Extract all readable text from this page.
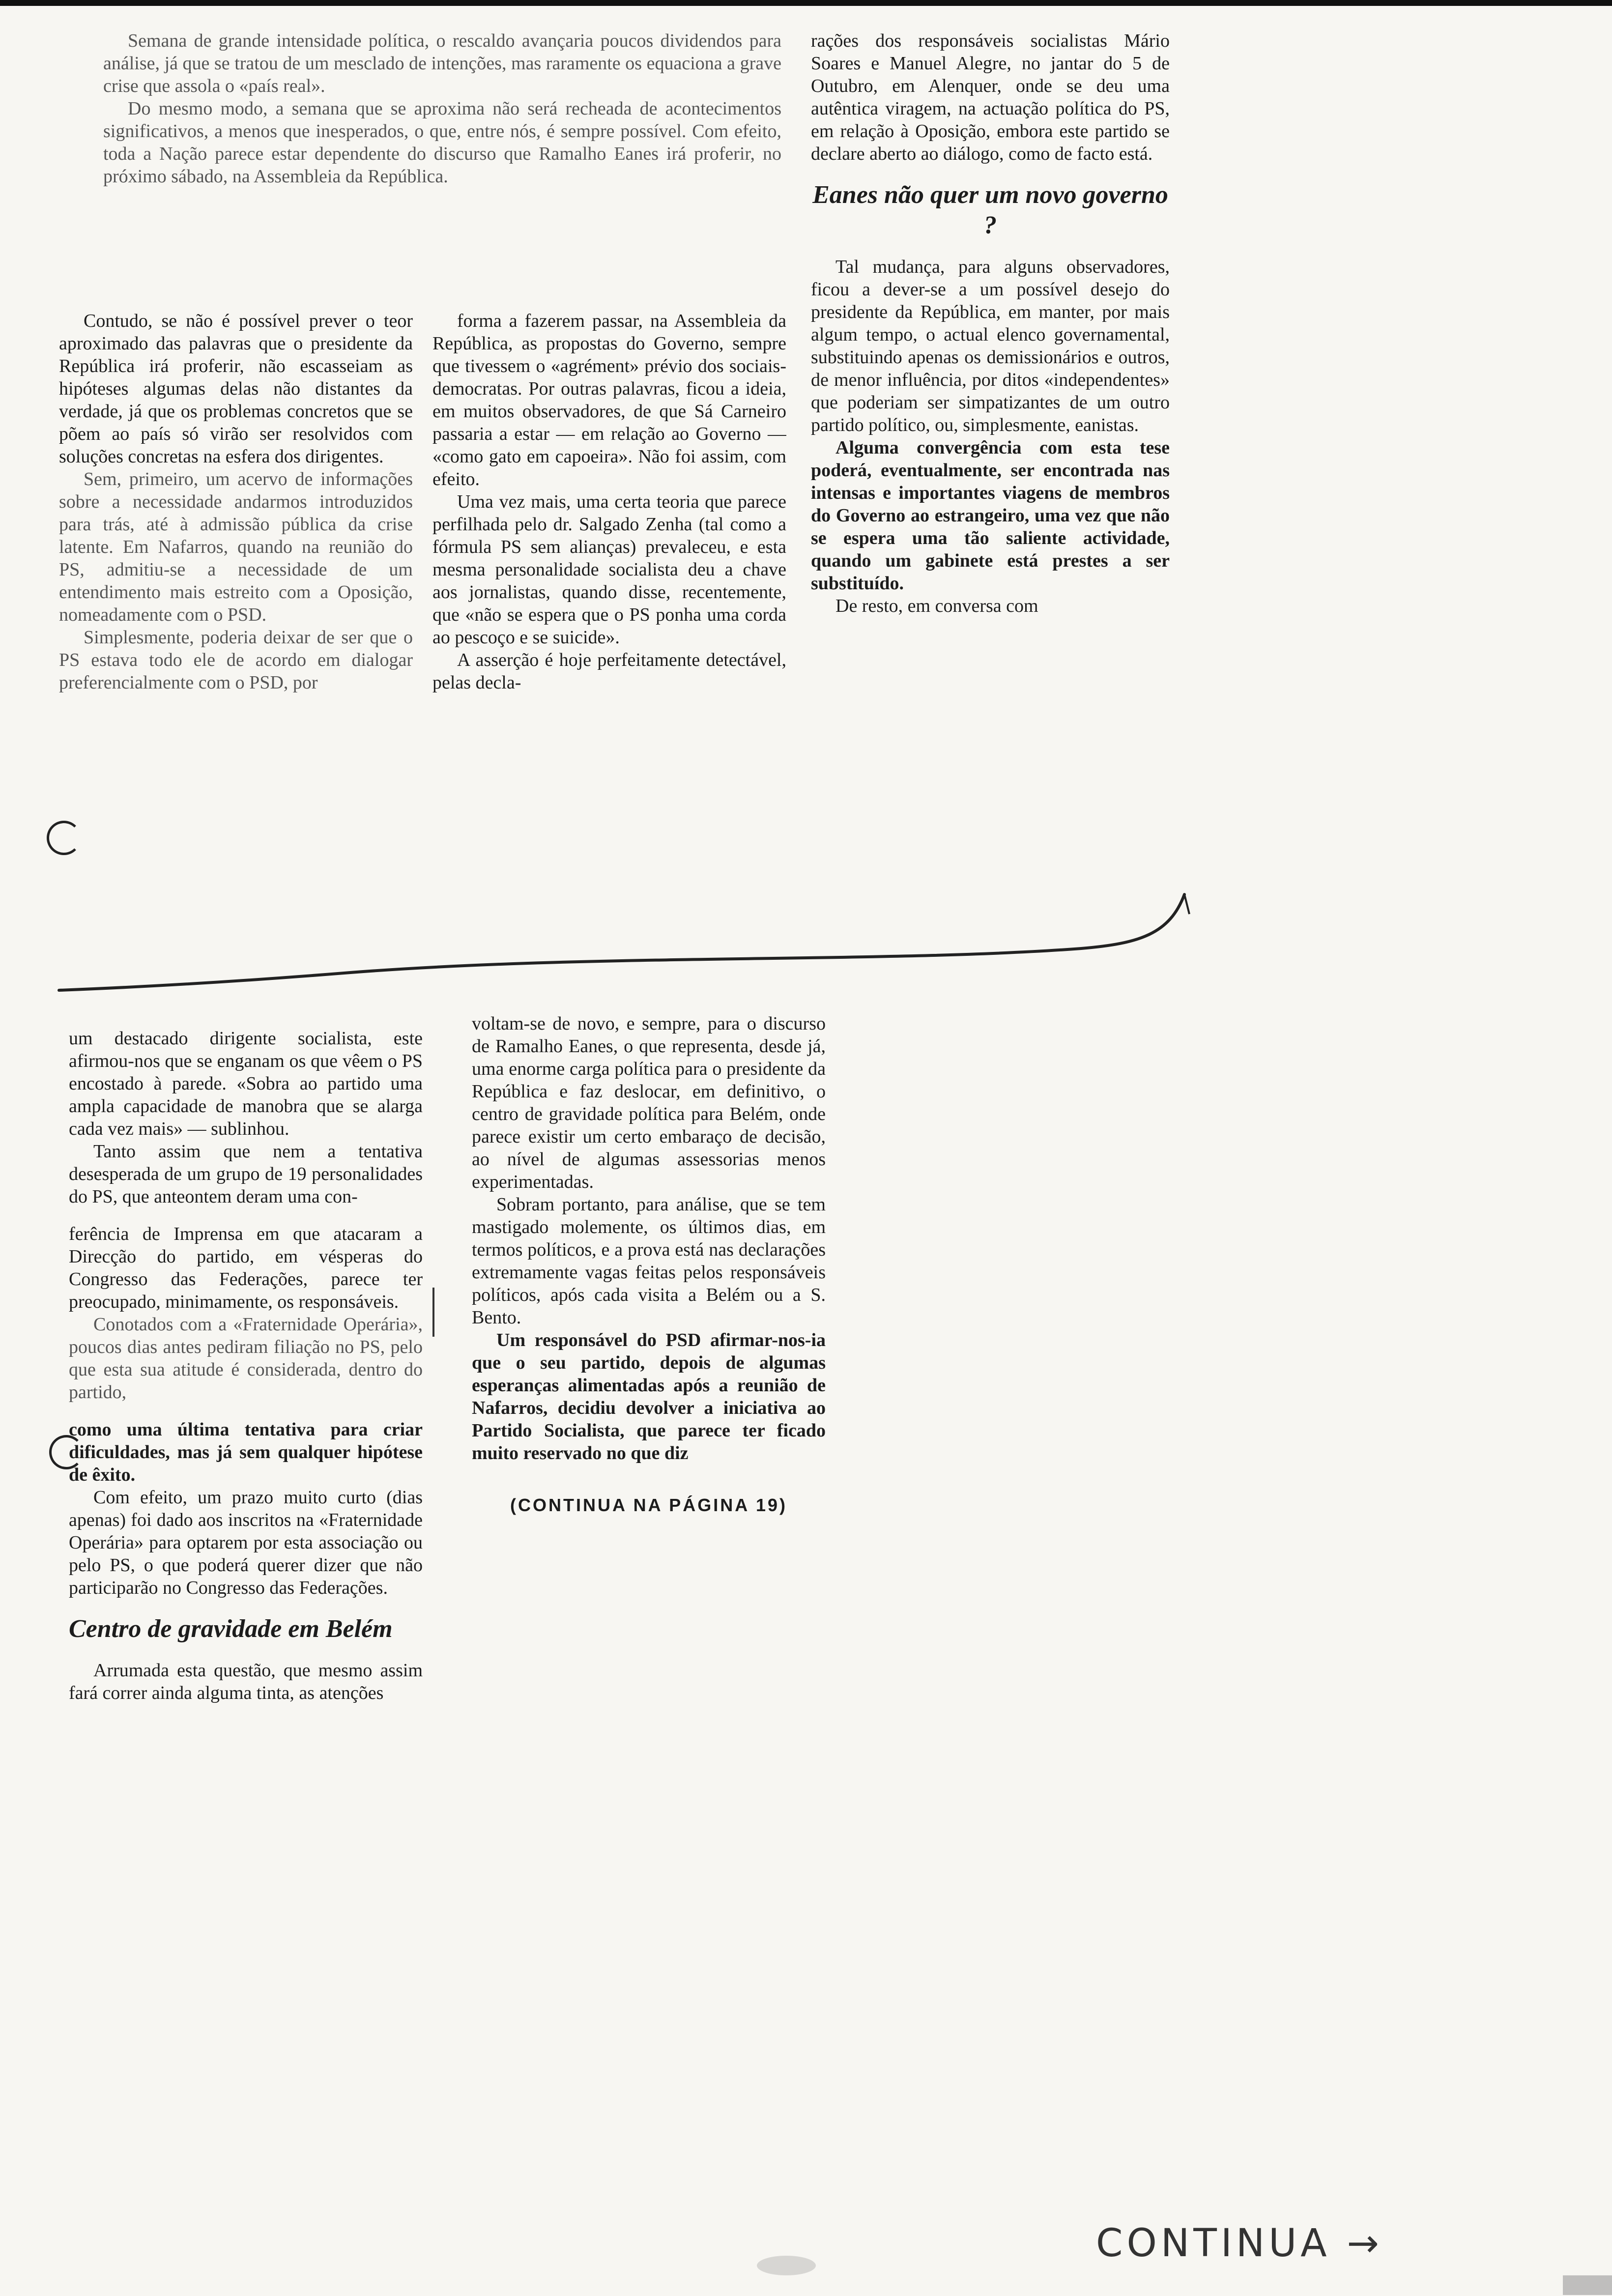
Semana de grande intensidade política, o rescaldo avançaria poucos dividendos para análise, já que se tratou de um mesclado de intenções, mas raramente os equaciona a grave crise que assola o «país real».

Do mesmo modo, a semana que se aproxima não será recheada de acontecimentos significativos, a menos que inesperados, o que, entre nós, é sempre possível. Com efeito, toda a Nação parece estar dependente do discurso que Ramalho Eanes irá proferir, no próximo sábado, na Assembleia da República.

Contudo, se não é possível prever o teor aproximado das palavras que o presidente da República irá proferir, não escasseiam as hipóteses algumas delas não distantes da verdade, já que os problemas concretos que se põem ao país só virão ser resolvidos com soluções concretas na esfera dos dirigentes.

Sem, primeiro, um acervo de informações sobre a necessidade andarmos introduzidos para trás, até à admissão pública da crise latente. Em Nafarros, quando na reunião do PS, admitiu-se a necessidade de um entendimento mais estreito com a Oposição, nomeadamente com o PSD.

Simplesmente, poderia deixar de ser que o PS estava todo ele de acordo em dialogar preferencialmente com o PSD, por

forma a fazerem passar, na Assembleia da República, as propostas do Governo, sempre que tivessem o «agrément» prévio dos sociais-democratas. Por outras palavras, ficou a ideia, em muitos observadores, de que Sá Carneiro passaria a estar — em relação ao Governo — «como gato em capoeira». Não foi assim, com efeito.

Uma vez mais, uma certa teoria que parece perfilhada pelo dr. Salgado Zenha (tal como a fórmula PS sem alianças) prevaleceu, e esta mesma personalidade socialista deu a chave aos jornalistas, quando disse, recentemente, que «não se espera que o PS ponha uma corda ao pescoço e se suicide».

A asserção é hoje perfeitamente detectável, pelas decla-

rações dos responsáveis socialistas Mário Soares e Manuel Alegre, no jantar do 5 de Outubro, em Alenquer, onde se deu uma autêntica viragem, na actuação política do PS, em relação à Oposição, embora este partido se declare aberto ao diálogo, como de facto está.

Eanes não quer um novo governo ?

Tal mudança, para alguns observadores, ficou a dever-se a um possível desejo do presidente da República, em manter, por mais algum tempo, o actual elenco governamental, substituindo apenas os demissionários e outros, de menor influência, por ditos «independentes» que poderiam ser simpatizantes de um outro partido político, ou, simplesmente, eanistas.

Alguma convergência com esta tese poderá, eventualmente, ser encontrada nas intensas e importantes viagens de membros do Governo ao estrangeiro, uma vez que não se espera uma tão saliente actividade, quando um gabinete está prestes a ser substituído.

De resto, em conversa com

um destacado dirigente socialista, este afirmou-nos que se enganam os que vêem o PS encostado à parede. «Sobra ao partido uma ampla capacidade de manobra que se alarga cada vez mais» — sublinhou.

Tanto assim que nem a tentativa desesperada de um grupo de 19 personalidades do PS, que anteontem deram uma con-

ferência de Imprensa em que atacaram a Direcção do partido, em vésperas do Congresso das Federações, parece ter preocupado, minimamente, os responsáveis.

Conotados com a «Fraternidade Operária», poucos dias antes pediram filiação no PS, pelo que esta sua atitude é considerada, dentro do partido,

como uma última tentativa para criar dificuldades, mas já sem qualquer hipótese de êxito.

Com efeito, um prazo muito curto (dias apenas) foi dado aos inscritos na «Fraternidade Operária» para optarem por esta associação ou pelo PS, o que poderá querer dizer que não participarão no Congresso das Federações.

Centro de gravidade em Belém

Arrumada esta questão, que mesmo assim fará correr ainda alguma tinta, as atenções

voltam-se de novo, e sempre, para o discurso de Ramalho Eanes, o que representa, desde já, uma enorme carga política para o presidente da República e faz deslocar, em definitivo, o centro de gravidade política para Belém, onde parece existir um certo embaraço de decisão, ao nível de algumas assessorias menos experimentadas.

Sobram portanto, para análise, que se tem mastigado molemente, os últimos dias, em termos políticos, e a prova está nas declarações extremamente vagas feitas pelos responsáveis políticos, após cada visita a Belém ou a S. Bento.

Um responsável do PSD afirmar-nos-ia que o seu partido, depois de algumas esperanças alimentadas após a reunião de Nafarros, decidiu devolver a iniciativa ao Partido Socialista, que parece ter ficado muito reservado no que diz

(CONTINUA NA PÁGINA 19)
CONTINUA →
